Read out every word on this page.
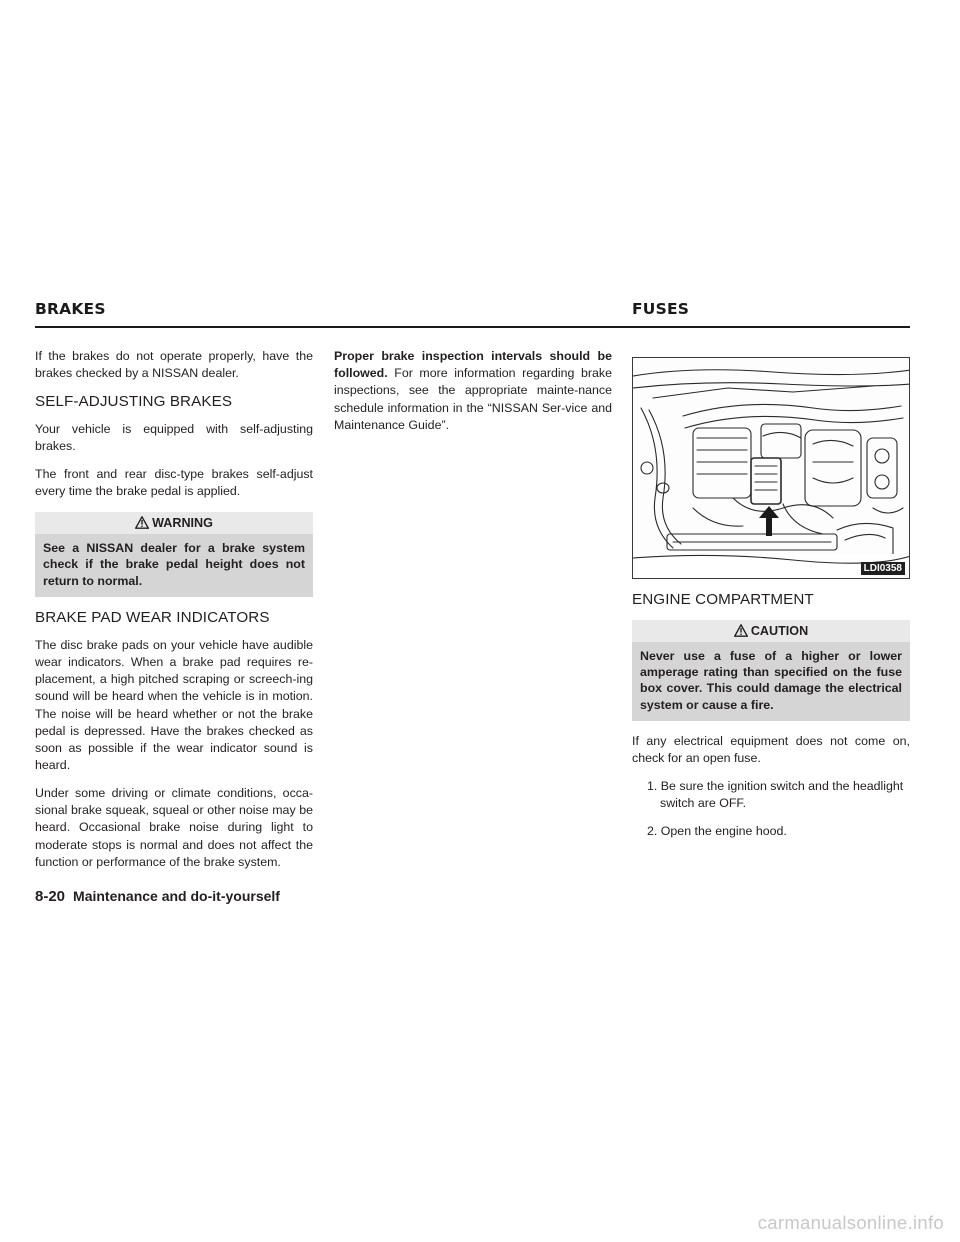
BRAKES	FUSES

If the brakes do not operate properly, have the brakes checked by a NISSAN dealer.

SELF-ADJUSTING BRAKES

Your vehicle is equipped with self-adjusting brakes.

The front and rear disc-type brakes self-adjust every time the brake pedal is applied.

WARNING
See a NISSAN dealer for a brake system check if the brake pedal height does not return to normal.
BRAKE PAD WEAR INDICATORS

The disc brake pads on your vehicle have audible wear indicators. When a brake pad requires re-placement, a high pitched scraping or screech-ing sound will be heard when the vehicle is in motion. The noise will be heard whether or not the brake pedal is depressed. Have the brakes checked as soon as possible if the wear indicator sound is heard.

Under some driving or climate conditions, occa-sional brake squeak, squeal or other noise may be heard. Occasional brake noise during light to moderate stops is normal and does not affect the function or performance of the brake system.

Proper brake inspection intervals should be followed. For more information regarding brake inspections, see the appropriate mainte-nance schedule information in the “NISSAN Ser-vice and Maintenance Guide”.

LDI0358
ENGINE COMPARTMENT
CAUTION
Never use a fuse of a higher or lower amperage rating than specified on the fuse box cover. This could damage the electrical system or cause a fire.

If any electrical equipment does not come on, check for an open fuse.

1. Be sure the ignition switch and the headlight switch are OFF.
2. Open the engine hood.
8-20 Maintenance and do-it-yourself
carmanualsonline.info
